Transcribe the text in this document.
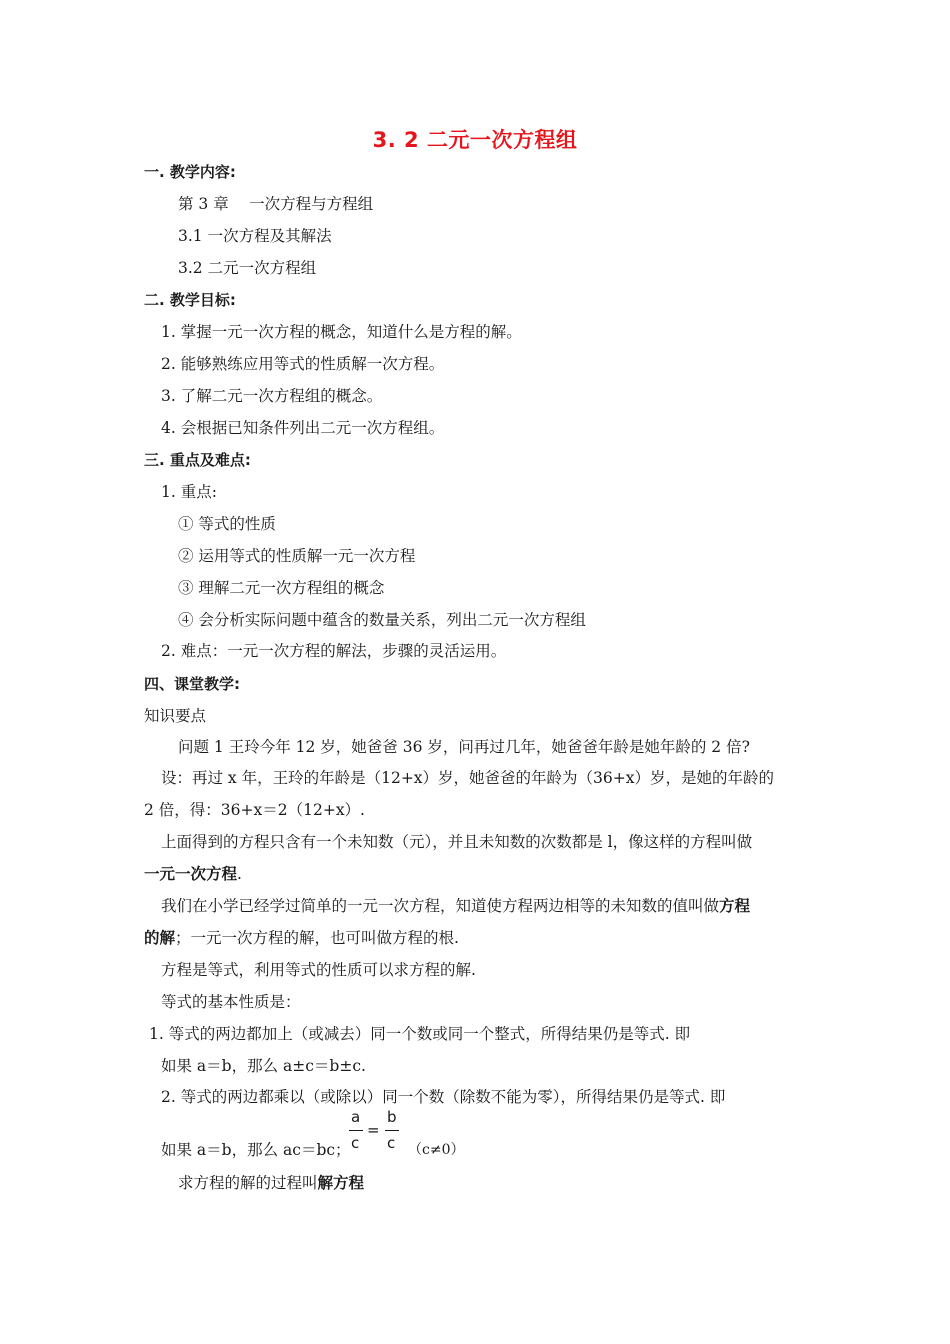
3. 2 二元一次方程组
一. 教学内容:
第 3 章　 一次方程与方程组
3.1 一次方程及其解法
3.2 二元一次方程组
二. 教学目标:
1. 掌握一元一次方程的概念，知道什么是方程的解。
2. 能够熟练应用等式的性质解一次方程。
3. 了解二元一次方程组的概念。
4. 会根据已知条件列出二元一次方程组。
三. 重点及难点:
1. 重点:
① 等式的性质
② 运用等式的性质解一元一次方程
③ 理解二元一次方程组的概念
④ 会分析实际问题中蕴含的数量关系，列出二元一次方程组
2. 难点：一元一次方程的解法，步骤的灵活运用。
四、课堂教学:
知识要点
问题 1 王玲今年 12 岁，她爸爸 36 岁，问再过几年，她爸爸年龄是她年龄的 2 倍?
设：再过 x 年，王玲的年龄是（12+x）岁，她爸爸的年龄为（36+x）岁，是她的年龄的
2 倍，得：36+x＝2（12+x）.
上面得到的方程只含有一个未知数（元），并且未知数的次数都是 l，像这样的方程叫做
一元一次方程.
我们在小学已经学过简单的一元一次方程，知道使方程两边相等的未知数的值叫做方程
的解；一元一次方程的解，也可叫做方程的根.
方程是等式，利用等式的性质可以求方程的解.
等式的基本性质是：
1. 等式的两边都加上（或减去）同一个数或同一个整式，所得结果仍是等式. 即
如果 a＝b，那么 a±c＝b±c.
2. 等式的两边都乘以（或除以）同一个数（除数不能为零），所得结果仍是等式. 即
如果 a＝b，那么 ac＝bc；
a
c
=
b
c （c≠0）
求方程的解的过程叫解方程
